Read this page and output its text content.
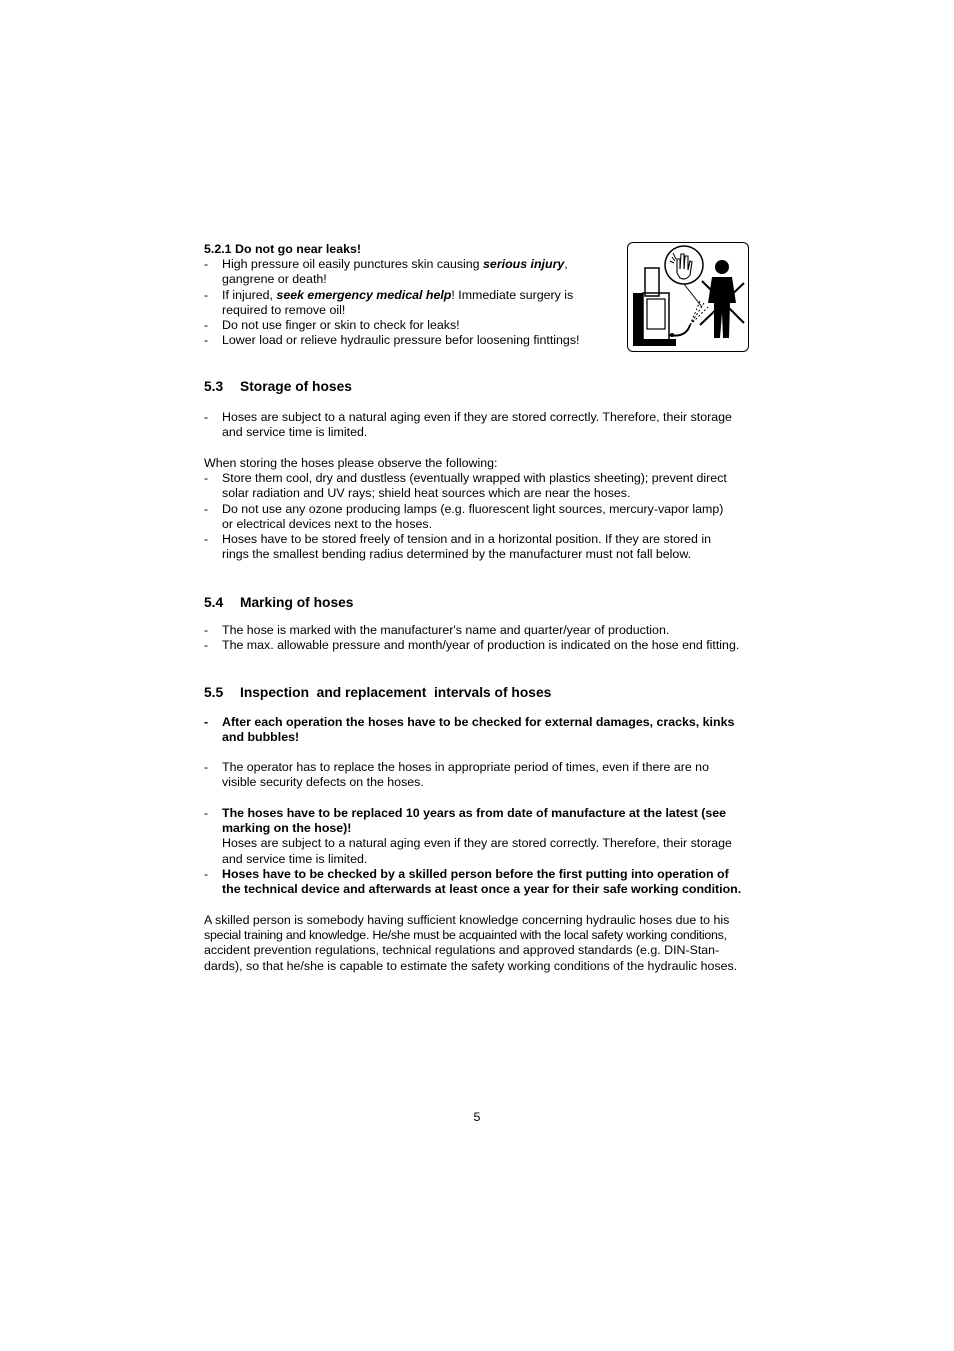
5.2.1 Do not go near leaks!
- High pressure oil easily punctures skin causing serious injury,
gangrene or death!
- If injured, seek emergency medical help! Immediate surgery is
required to remove oil!
- Do not use finger or skin to check for leaks!
- Lower load or relieve hydraulic pressure befor loosening finttings!
5.3 Storage of hoses
- Hoses are subject to a natural aging even if they are stored correctly. Therefore, their storage
and service time is limited.
When storing the hoses please observe the following:
- Store them cool, dry and dustless (eventually wrapped with plastics sheeting); prevent direct
solar radiation and UV rays; shield heat sources which are near the hoses.
- Do not use any ozone producing lamps (e.g. fluorescent light sources, mercury-vapor lamp)
or electrical devices next to the hoses.
- Hoses have to be stored freely of tension and in a horizontal position. If they are stored in
rings the smallest bending radius determined by the manufacturer must not fall below.
5.4 Marking of hoses
- The hose is marked with the manufacturer's name and quarter/year of production.
- The max. allowable pressure and month/year of production is indicated on the hose end fitting.
5.5 Inspection  and replacement  intervals of hoses
- After each operation the hoses have to be checked for external damages, cracks, kinks
and bubbles!
- The operator has to replace the hoses in appropriate period of times, even if there are no
visible security defects on the hoses.
- The hoses have to be replaced 10 years as from date of manufacture at the latest (see
marking on the hose)!
Hoses are subject to a natural aging even if they are stored correctly. Therefore, their storage
and service time is limited.
- Hoses have to be checked by a skilled person before the first putting into operation of
the technical device and afterwards at least once a year for their safe working condition.
A skilled person is somebody having sufficient knowledge concerning hydraulic hoses due to his
special training and knowledge. He/she must be acquainted with the local safety working conditions,
accident prevention regulations, technical regulations and approved standards (e.g. DIN-Stan-
dards), so that he/she is capable to estimate the safety working conditions of the hydraulic hoses.
5
